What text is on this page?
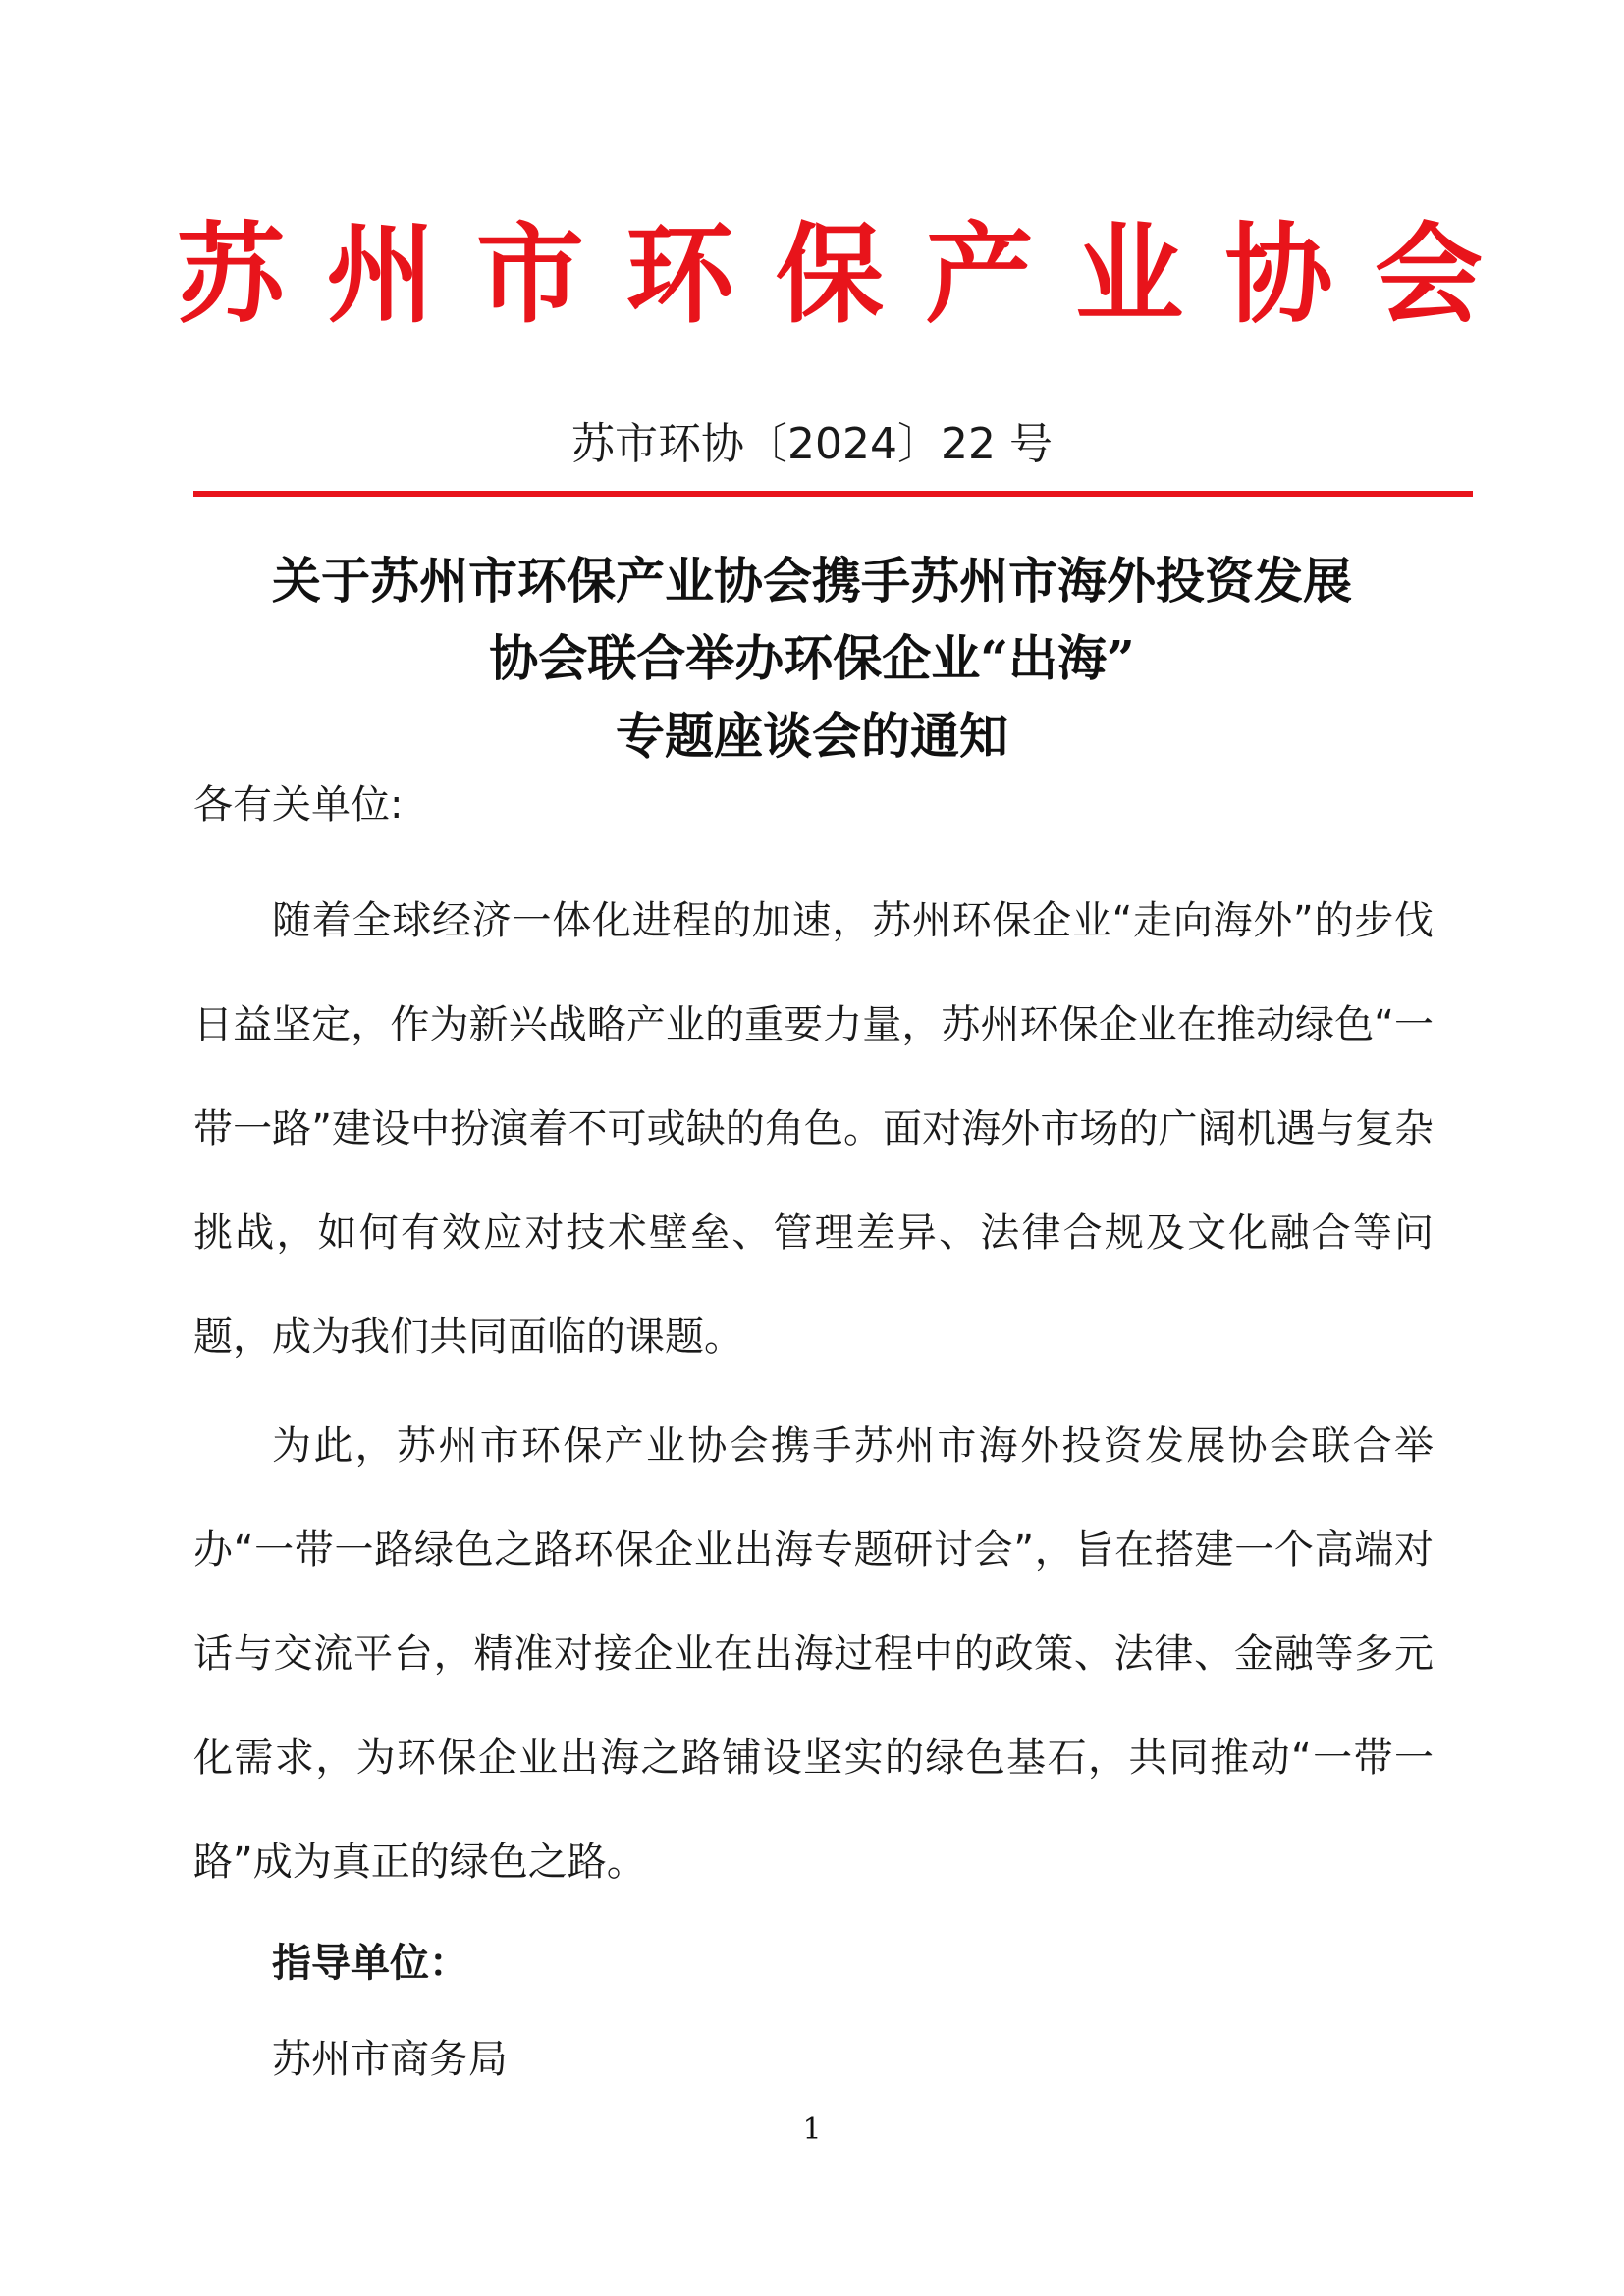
苏 州 市 环 保 产 业 协 会
苏市环协〔2024〕22 号
关于苏州市环保产业协会携手苏州市海外投资发展
协会联合举办环保企业“出海”
专题座谈会的通知
各有关单位:
随着全球经济一体化进程的加速，苏州环保企业“走向海外”的步伐日益坚定，作为新兴战略产业的重要力量，苏州环保企业在推动绿色“一带一路”建设中扮演着不可或缺的角色。面对海外市场的广阔机遇与复杂挑战，如何有效应对技术壁垒、管理差异、法律合规及文化融合等问题，成为我们共同面临的课题。
为此，苏州市环保产业协会携手苏州市海外投资发展协会联合举办“一带一路绿色之路环保企业出海专题研讨会”，旨在搭建一个高端对话与交流平台，精准对接企业在出海过程中的政策、法律、金融等多元化需求，为环保企业出海之路铺设坚实的绿色基石，共同推动“一带一路”成为真正的绿色之路。
指导单位：
苏州市商务局
1
